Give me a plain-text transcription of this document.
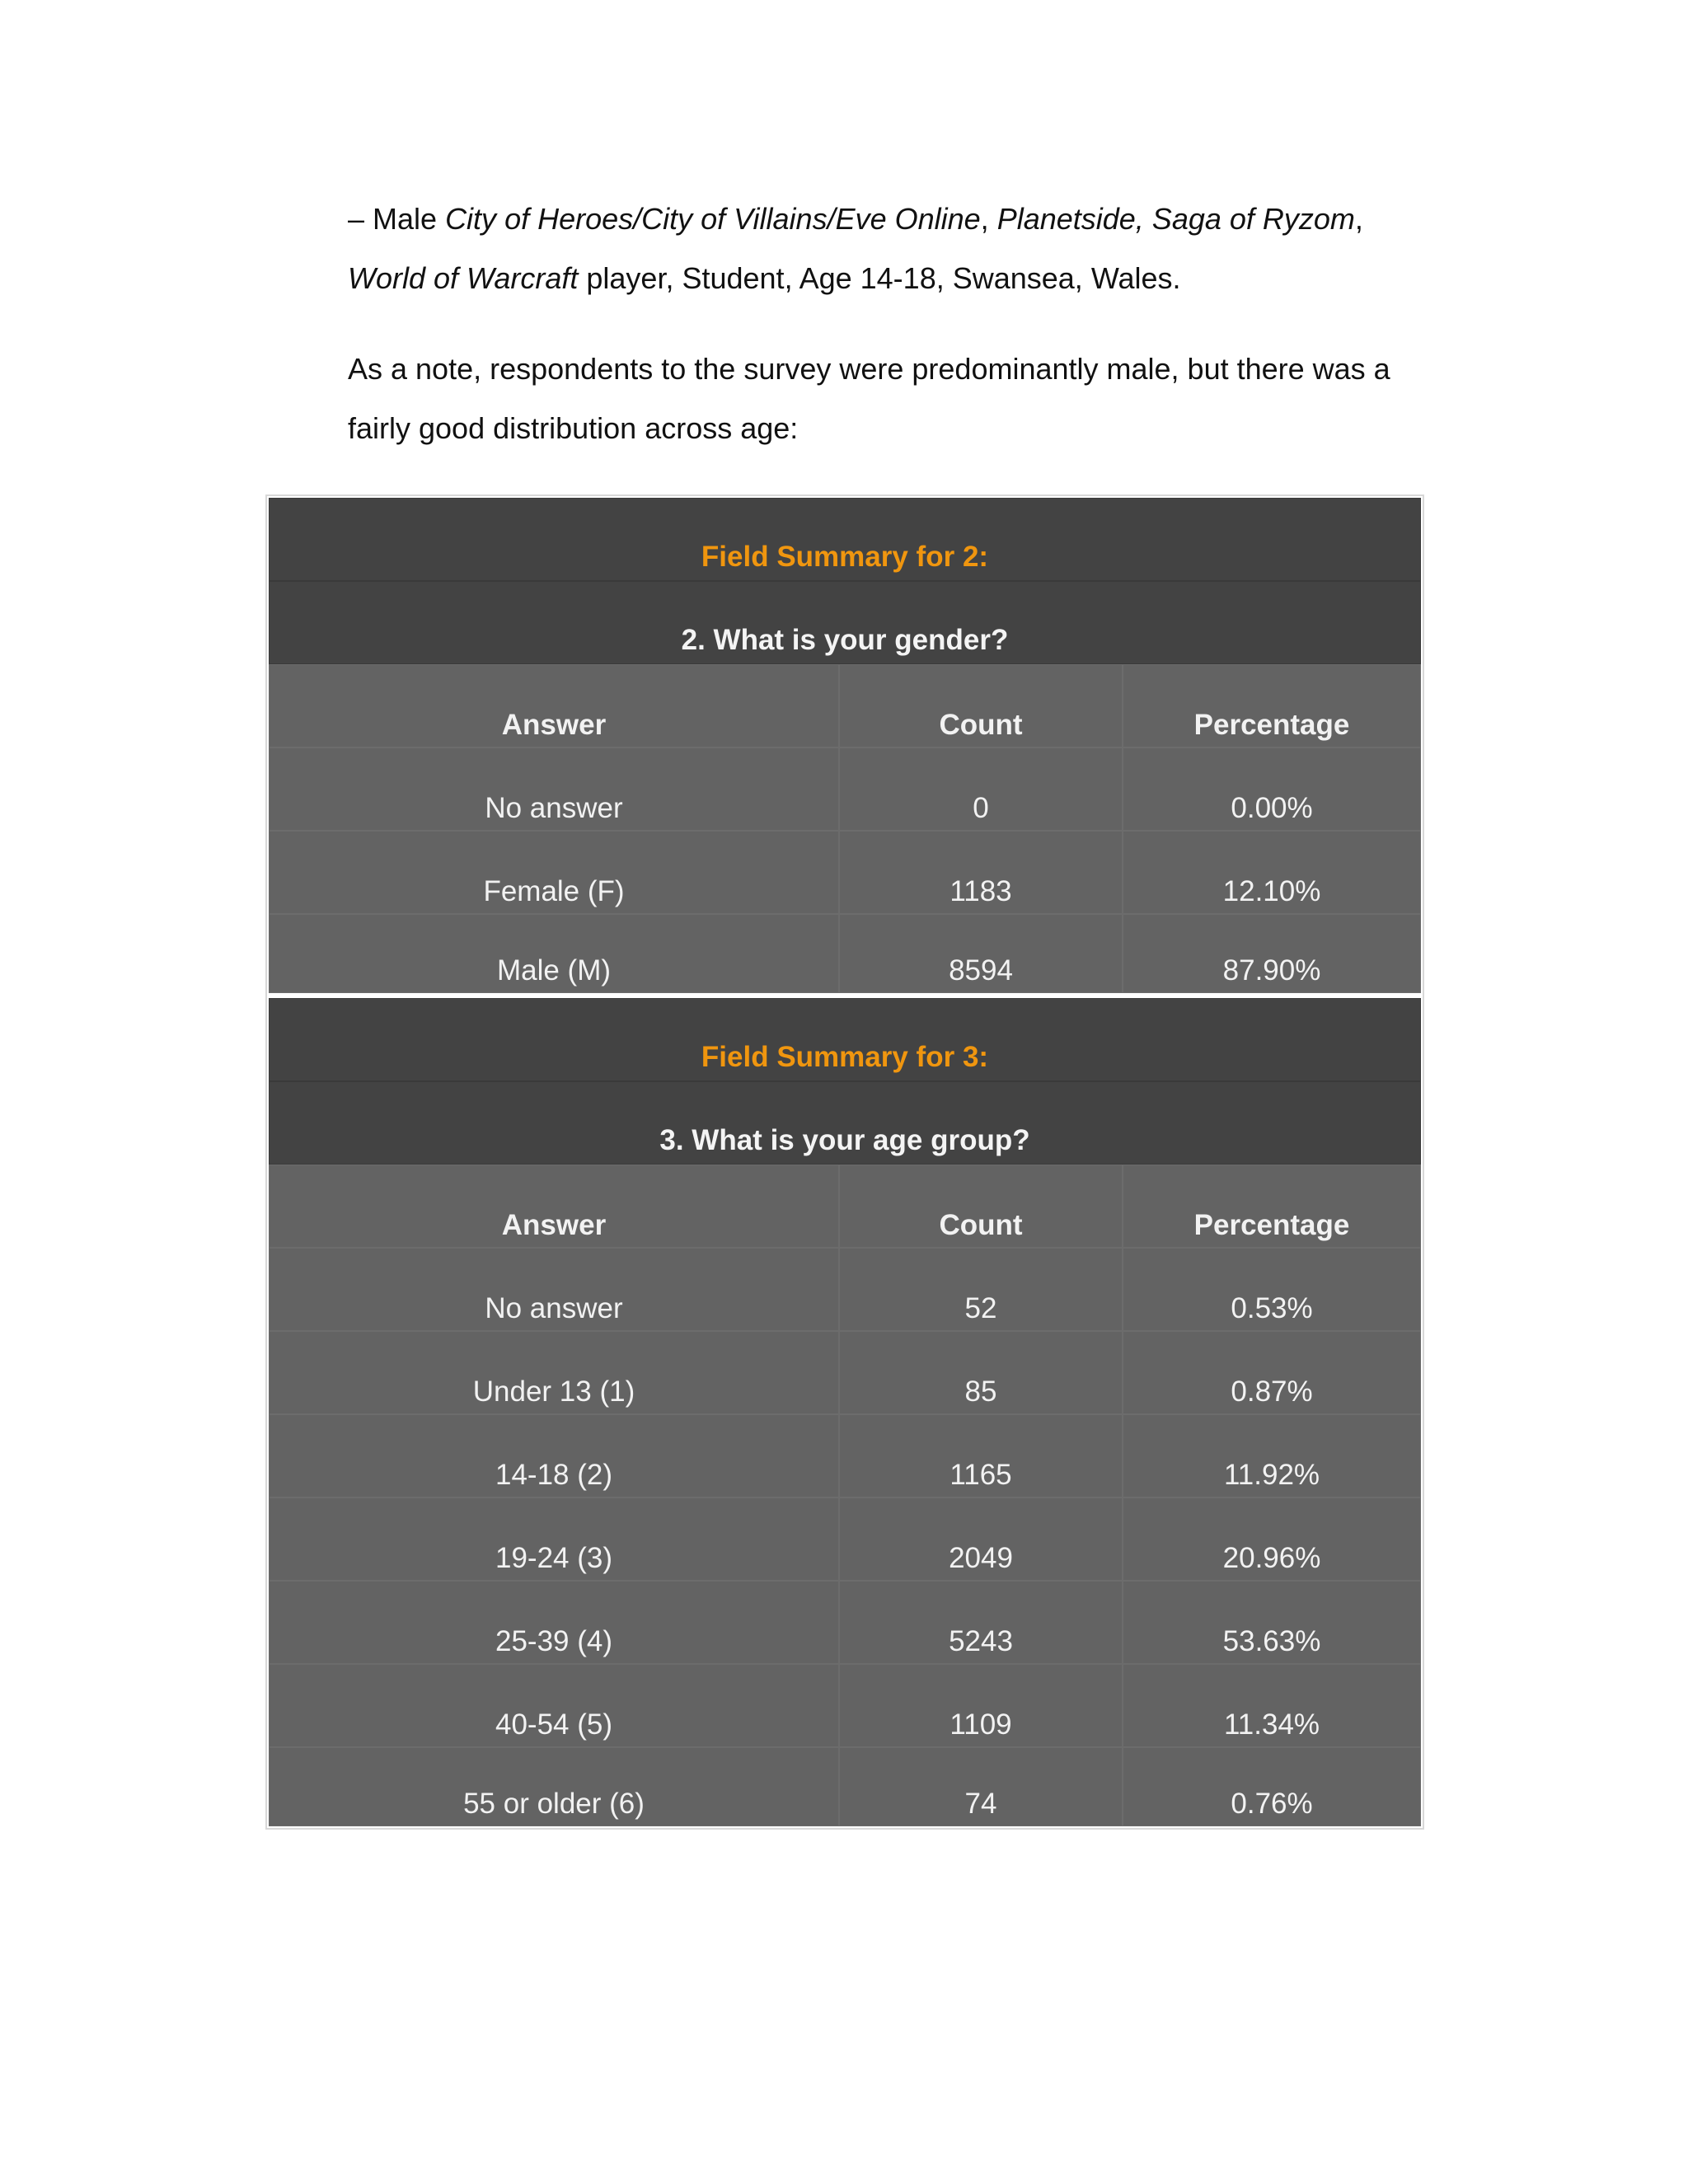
– Male City of Heroes/City of Villains/Eve Online, Planetside, Saga of Ryzom,
World of Warcraft player, Student, Age 14-18, Swansea, Wales.

As a note, respondents to the survey were predominantly male, but there was a fairly good distribution across age:

Field Summary for 2:
2. What is your gender?
Answer	Count	Percentage
No answer	0	0.00%
Female (F)	1183	12.10%
Male (M)	8594	87.90%
Field Summary for 3:
3. What is your age group?
Answer	Count	Percentage
No answer	52	0.53%
Under 13 (1)	85	0.87%
14-18 (2)	1165	11.92%
19-24 (3)	2049	20.96%
25-39 (4)	5243	53.63%
40-54 (5)	1109	11.34%
55 or older (6)	74	0.76%
